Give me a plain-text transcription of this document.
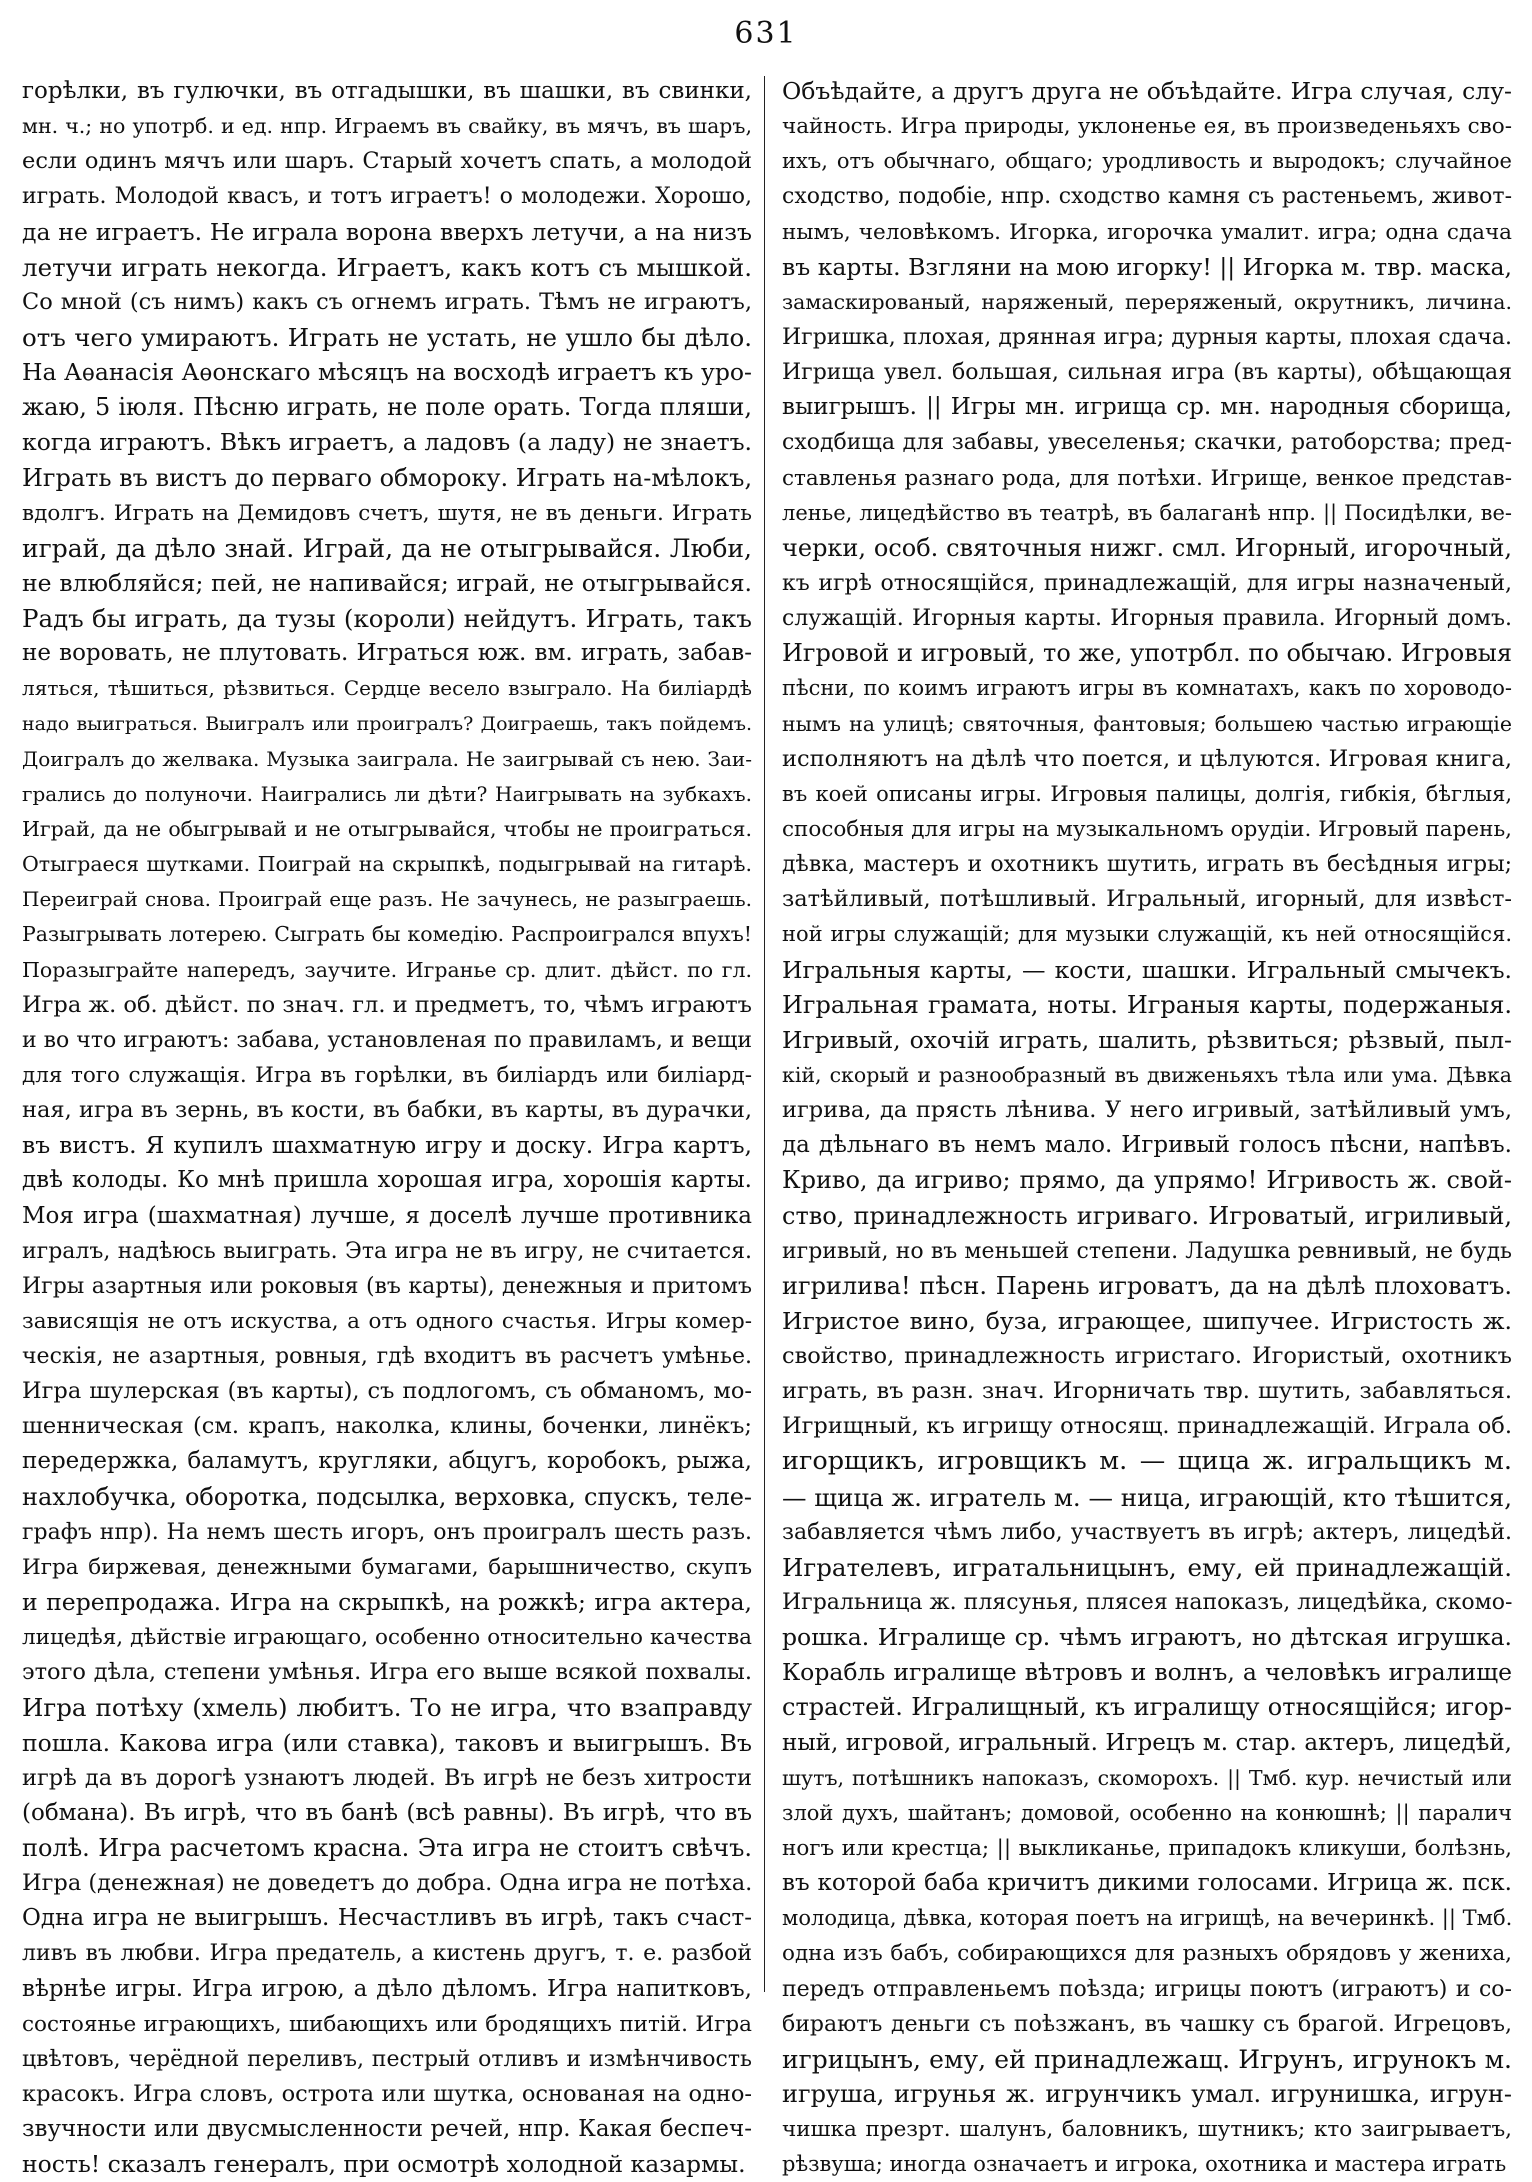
631
горѣлки, въ гулючки, въ отгадышки, въ шашки, въ свинки,
мн. ч.; но употрб. и ед. нпр. Играемъ въ свайку, въ мячъ, въ шаръ,
если одинъ мячъ или шаръ. Старый хочетъ спать, а молодой
играть. Молодой квасъ, и тотъ играетъ! о молодежи. Хорошо,
да не играетъ. Не играла ворона вверхъ летучи, а на низъ
летучи играть некогда. Играетъ, какъ котъ съ мышкой.
Со мной (съ нимъ) какъ съ огнемъ играть. Тѣмъ не играютъ,
отъ чего умираютъ. Играть не устать, не ушло бы дѣло.
На Аѳанасія Аѳонскаго мѣсяцъ на восходѣ играетъ къ уро-
жаю, 5 іюля. Пѣсню играть, не поле орать. Тогда пляши,
когда играютъ. Вѣкъ играетъ, а ладовъ (а ладу) не знаетъ.
Играть въ вистъ до перваго обмороку. Играть на-мѣлокъ,
вдолгъ. Играть на Демидовъ счетъ, шутя, не въ деньги. Играть
играй, да дѣло знай. Играй, да не отыгрывайся. Люби,
не влюбляйся; пей, не напивайся; играй, не отыгрывайся.
Радъ бы играть, да тузы (короли) нейдутъ. Играть, такъ
не воровать, не плутовать. Играться юж. вм. играть, забав-
ляться, тѣшиться, рѣзвиться. Сердце весело взыграло. На биліардѣ
надо выиграться. Выигралъ или проигралъ? Доиграешь, такъ пойдемъ.
Доигралъ до желвака. Музыка заиграла. Не заигрывай съ нею. Заи-
грались до полуночи. Наигрались ли дѣти? Наигрывать на зубкахъ.
Играй, да не обыгрывай и не отыгрывайся, чтобы не проиграться.
Отыграеся шутками. Поиграй на скрыпкѣ, подыгрывай на гитарѣ.
Переиграй снова. Проиграй еще разъ. Не зачунесь, не разыграешь.
Разыгрывать лотерею. Сыграть бы комедію. Распроигрался впухъ!
Поразыграйте напередъ, заучите. Игранье ср. длит. дѣйст. по гл.
Игра ж. об. дѣйст. по знач. гл. и предметъ, то, чѣмъ играютъ
и во что играютъ: забава, установленая по правиламъ, и вещи
для того служащія. Игра въ горѣлки, въ биліардъ или биліард-
ная, игра въ зернь, въ кости, въ бабки, въ карты, въ дурачки,
въ вистъ. Я купилъ шахматную игру и доску. Игра картъ,
двѣ колоды. Ко мнѣ пришла хорошая игра, хорошія карты.
Моя игра (шахматная) лучше, я доселѣ лучше противника
игралъ, надѣюсь выиграть. Эта игра не въ игру, не считается.
Игры азартныя или роковыя (въ карты), денежныя и притомъ
зависящія не отъ искуства, а отъ одного счастья. Игры комер-
ческія, не азартныя, ровныя, гдѣ входитъ въ расчетъ умѣнье.
Игра шулерская (въ карты), съ подлогомъ, съ обманомъ, мо-
шенническая (см. крапъ, наколка, клины, боченки, линёкъ;
передержка, баламутъ, кругляки, абцугъ, коробокъ, рыжа,
нахлобучка, оборотка, подсылка, верховка, спускъ, теле-
графъ нпр). На немъ шесть игоръ, онъ проигралъ шесть разъ.
Игра биржевая, денежными бумагами, барышничество, скупъ
и перепродажа. Игра на скрыпкѣ, на рожкѣ; игра актера,
лицедѣя, дѣйствіе играющаго, особенно относительно качества
этого дѣла, степени умѣнья. Игра его выше всякой похвалы.
Игра потѣху (хмель) любитъ. То не игра, что взаправду
пошла. Какова игра (или ставка), таковъ и выигрышъ. Въ
игрѣ да въ дорогѣ узнаютъ людей. Въ игрѣ не безъ хитрости
(обмана). Въ игрѣ, что въ банѣ (всѣ равны). Въ игрѣ, что въ
полѣ. Игра расчетомъ красна. Эта игра не стоитъ свѣчъ.
Игра (денежная) не доведетъ до добра. Одна игра не потѣха.
Одна игра не выигрышъ. Несчастливъ въ игрѣ, такъ счаст-
ливъ въ любви. Игра предатель, а кистень другъ, т. е. разбой
вѣрнѣе игры. Игра игрою, а дѣло дѣломъ. Игра напитковъ,
состоянье играющихъ, шибающихъ или бродящихъ питій. Игра
цвѣтовъ, черёдной переливъ, пестрый отливъ и измѣнчивость
красокъ. Игра словъ, острота или шутка, основаная на одно-
звучности или двусмысленности речей, нпр. Какая беспеч-
ность! сказалъ генералъ, при осмотрѣ холодной казармы.
Объѣдайте, а другъ друга не объѣдайте. Игра случая, слу-
чайность. Игра природы, уклоненье ея, въ произведеньяхъ сво-
ихъ, отъ обычнаго, общаго; уродливость и выродокъ; случайное
сходство, подобіе, нпр. сходство камня съ растеньемъ, живот-
нымъ, человѣкомъ. Игорка, игорочка умалит. игра; одна сдача
въ карты. Взгляни на мою игорку! || Игорка м. твр. маска,
замаскированый, наряженый, переряженый, окрутникъ, личина.
Игришка, плохая, дрянная игра; дурныя карты, плохая сдача.
Игрища увел. большая, сильная игра (въ карты), обѣщающая
выигрышъ. || Игры мн. игрища ср. мн. народныя сборища,
сходбища для забавы, увеселенья; скачки, ратоборства; пред-
ставленья разнаго рода, для потѣхи. Игрище, венкое представ-
ленье, лицедѣйство въ театрѣ, въ балаганѣ нпр. || Посидѣлки, ве-
черки, особ. святочныя нижг. смл. Игорный, игорочный,
къ игрѣ относящійся, принадлежащій, для игры назначеный,
служащій. Игорныя карты. Игорныя правила. Игорный домъ.
Игровой и игровый, то же, употрбл. по обычаю. Игровыя
пѣсни, по коимъ играютъ игры въ комнатахъ, какъ по хороводо-
нымъ на улицѣ; святочныя, фантовыя; большею частью играющіе
исполняютъ на дѣлѣ что поется, и цѣлуются. Игровая книга,
въ коей описаны игры. Игровыя палицы, долгія, гибкія, бѣглыя,
способныя для игры на музыкальномъ орудіи. Игровый парень,
дѣвка, мастеръ и охотникъ шутить, играть въ бесѣдныя игры;
затѣйливый, потѣшливый. Игральный, игорный, для извѣст-
ной игры служащій; для музыки служащій, къ ней относящійся.
Игральныя карты, — кости, шашки. Игральный смычекъ.
Игральная грамата, ноты. Играныя карты, подержаныя.
Игривый, охочій играть, шалить, рѣзвиться; рѣзвый, пыл-
кій, скорый и разнообразный въ движеньяхъ тѣла или ума. Дѣвка
игрива, да прясть лѣнива. У него игривый, затѣйливый умъ,
да дѣльнаго въ немъ мало. Игривый голосъ пѣсни, напѣвъ.
Криво, да игриво; прямо, да упрямо! Игривость ж. свой-
ство, принадлежность игриваго. Игроватый, игриливый,
игривый, но въ меньшей степени. Ладушка ревнивый, не будь
игрилива! пѣсн. Парень игроватъ, да на дѣлѣ плоховатъ.
Игристое вино, буза, играющее, шипучее. Игристость ж.
свойство, принадлежность игристаго. Игористый, охотникъ
играть, въ разн. знач. Игорничать твр. шутить, забавляться.
Игрищный, къ игрищу относящ. принадлежащій. Играла об.
игорщикъ, игровщикъ м. — щица ж. игральщикъ м.
— щица ж. игратель м. — ница, играющій, кто тѣшится,
забавляется чѣмъ либо, участвуетъ въ игрѣ; актеръ, лицедѣй.
Игрателевъ, игратальницынъ, ему, ей принадлежащій.
Игральница ж. плясунья, плясея напоказъ, лицедѣйка, скомо-
рошка. Игралище ср. чѣмъ играютъ, но дѣтская игрушка.
Корабль игралище вѣтровъ и волнъ, а человѣкъ игралище
страстей. Игралищный, къ игралищу относящійся; игор-
ный, игровой, игральный. Игрецъ м. стар. актеръ, лицедѣй,
шутъ, потѣшникъ напоказъ, скоморохъ. || Тмб. кур. нечистый или
злой духъ, шайтанъ; домовой, особенно на конюшнѣ; || паралич
ногъ или крестца; || выкликанье, припадокъ кликуши, болѣзнь,
въ которой баба кричитъ дикими голосами. Игрица ж. пск.
молодица, дѣвка, которая поетъ на игрищѣ, на вечеринкѣ. || Тмб.
одна изъ бабъ, собирающихся для разныхъ обрядовъ у жениха,
передъ отправленьемъ поѣзда; игрицы поютъ (играютъ) и со-
бираютъ деньги съ поѣзжанъ, въ чашку съ брагой. Игрецовъ,
игрицынъ, ему, ей принадлежащ. Игрунъ, игрунокъ м.
игруша, игрунья ж. игрунчикъ умал. игрунишка, игрун-
чишка презрт. шалунъ, баловникъ, шутникъ; кто заигрываетъ,
рѣзвуша; иногда означаетъ и игрока, охотника и мастера играть
